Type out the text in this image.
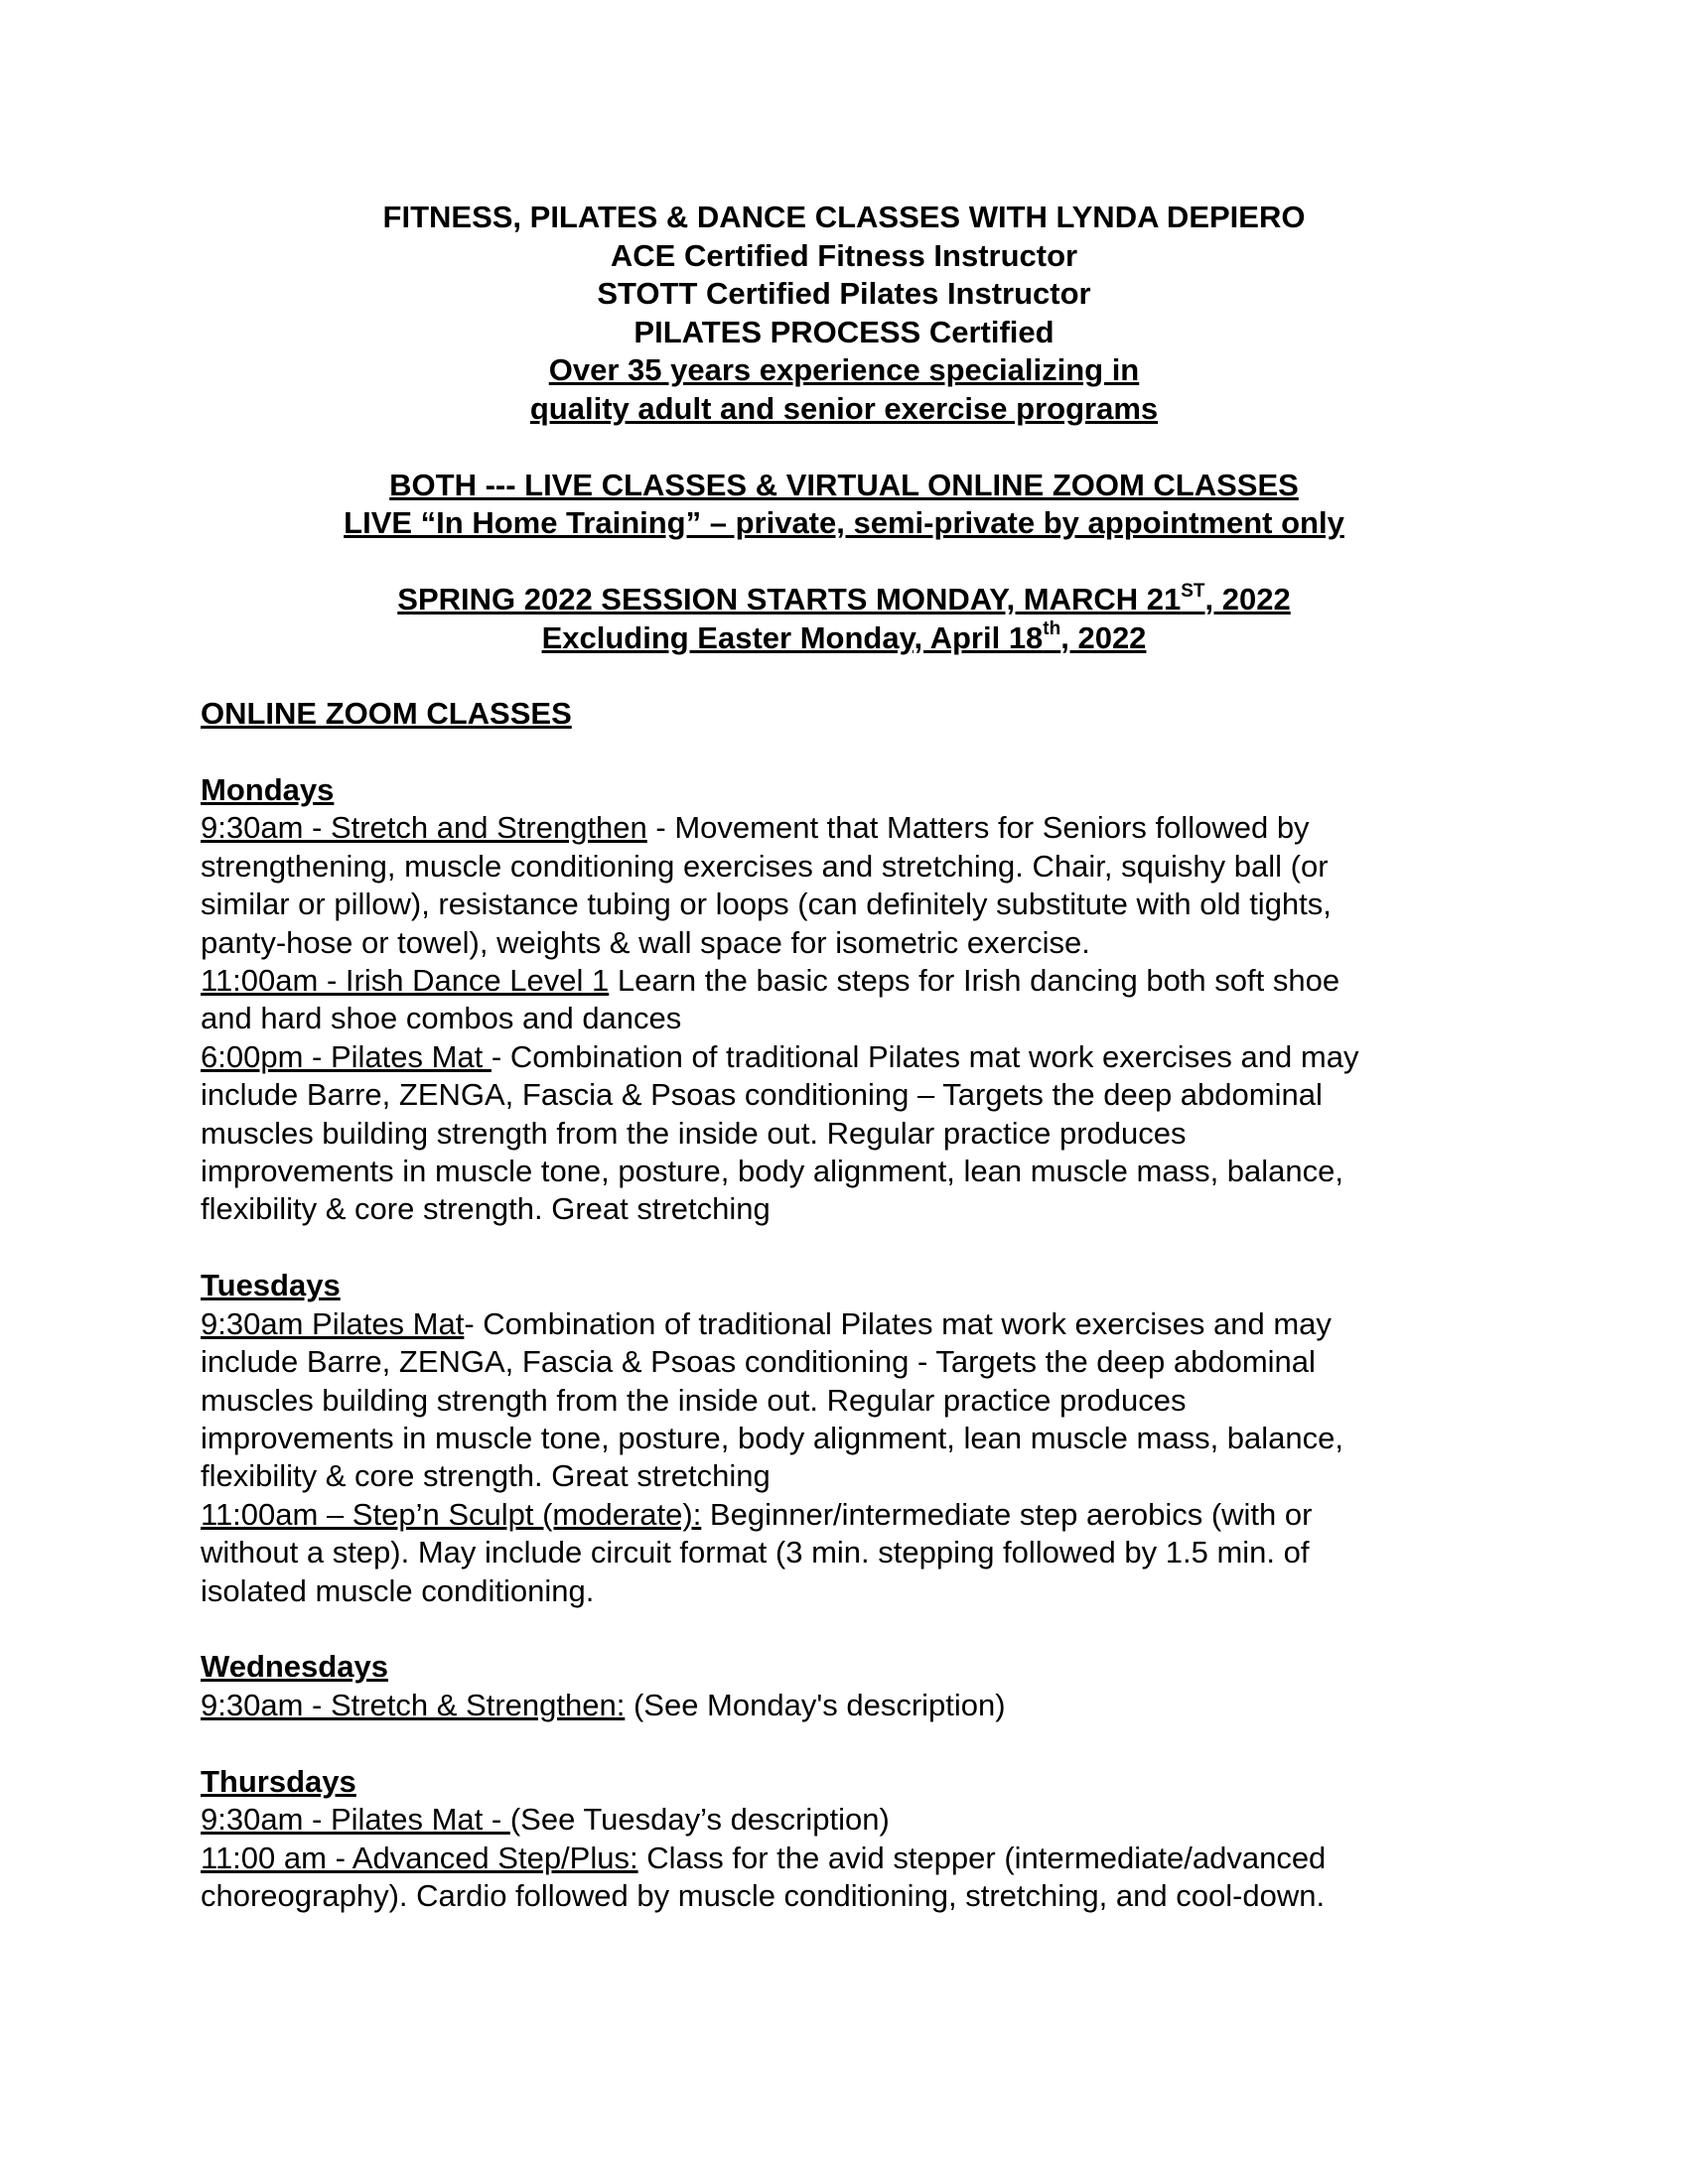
FITNESS, PILATES & DANCE CLASSES WITH LYNDA DEPIERO
ACE Certified Fitness Instructor
STOTT Certified Pilates Instructor
PILATES PROCESS Certified
Over 35 years experience specializing in
quality adult and senior exercise programs
BOTH --- LIVE CLASSES & VIRTUAL ONLINE ZOOM CLASSES
LIVE “In Home Training” – private, semi-private by appointment only
SPRING 2022 SESSION STARTS MONDAY, MARCH 21ST, 2022
Excluding Easter Monday, April 18th, 2022
ONLINE ZOOM CLASSES
Mondays
9:30am - Stretch and Strengthen - Movement that Matters for Seniors followed by
strengthening, muscle conditioning exercises and stretching. Chair, squishy ball (or
similar or pillow), resistance tubing or loops (can definitely substitute with old tights,
panty-hose or towel), weights & wall space for isometric exercise.
11:00am - Irish Dance Level 1 Learn the basic steps for Irish dancing both soft shoe
and hard shoe combos and dances
6:00pm - Pilates Mat - Combination of traditional Pilates mat work exercises and may
include Barre, ZENGA, Fascia & Psoas conditioning – Targets the deep abdominal
muscles building strength from the inside out. Regular practice produces
improvements in muscle tone, posture, body alignment, lean muscle mass, balance,
flexibility & core strength. Great stretching
Tuesdays
9:30am Pilates Mat- Combination of traditional Pilates mat work exercises and may
include Barre, ZENGA, Fascia & Psoas conditioning - Targets the deep abdominal
muscles building strength from the inside out. Regular practice produces
improvements in muscle tone, posture, body alignment, lean muscle mass, balance,
flexibility & core strength. Great stretching
11:00am – Step’n Sculpt (moderate): Beginner/intermediate step aerobics (with or
without a step). May include circuit format (3 min. stepping followed by 1.5 min. of
isolated muscle conditioning.
Wednesdays
9:30am - Stretch & Strengthen: (See Monday's description)
Thursdays
9:30am - Pilates Mat - (See Tuesday’s description)
11:00 am - Advanced Step/Plus: Class for the avid stepper (intermediate/advanced
choreography). Cardio followed by muscle conditioning, stretching, and cool-down.
